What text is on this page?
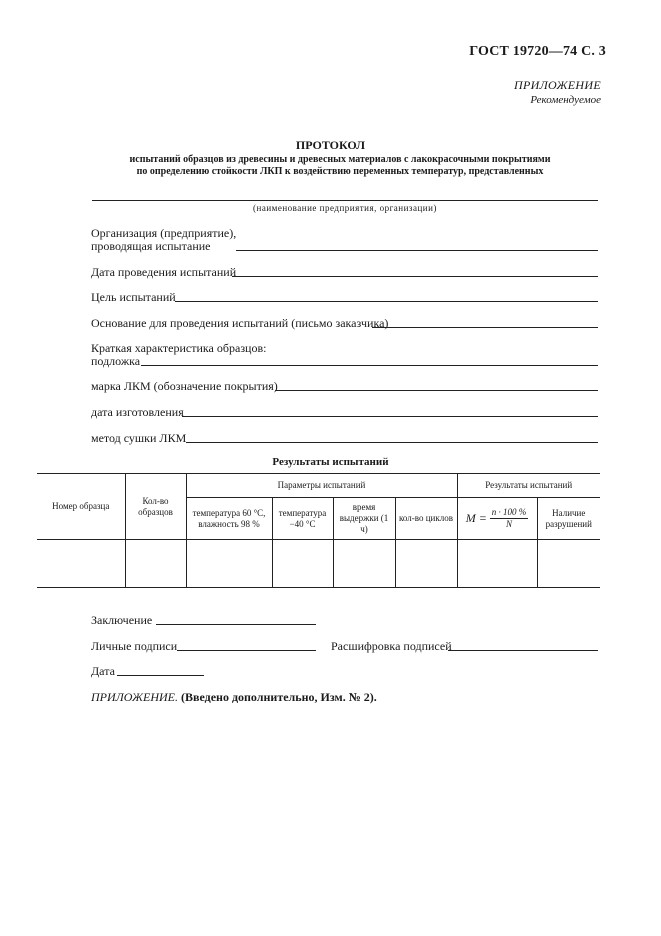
ГОСТ 19720—74 С. 3
ПРИЛОЖЕНИЕ
Рекомендуемое
ПРОТОКОЛ
испытаний образцов из древесины и древесных материалов с лакокрасочными покрытиями
по определению стойкости ЛКП к воздействию переменных температур, представленных
(наименование предприятия, организации)
Организация (предприятие),
проводящая испытание
Дата проведения испытаний
Цель испытаний
Основание для проведения испытаний (письмо заказчика)
Краткая характеристика образцов:
подложка
марка ЛКМ (обозначение покрытия)
дата изготовления
метод сушки ЛКМ
Результаты испытаний
Номер образца	Кол-во образцов	Параметры испытаний				Результаты испытаний	
		температура 60 °С, влажность 98 %	температура −40 °С	время выдержки (1 ч)	кол-во циклов	$M = \frac{n \cdot 100 \%}{N}$	Наличие разрушений

Заключение
Личные подписи	Расшифровка подписей
Дата
ПРИЛОЖЕНИЕ. (Введено дополнительно, Изм. № 2).
